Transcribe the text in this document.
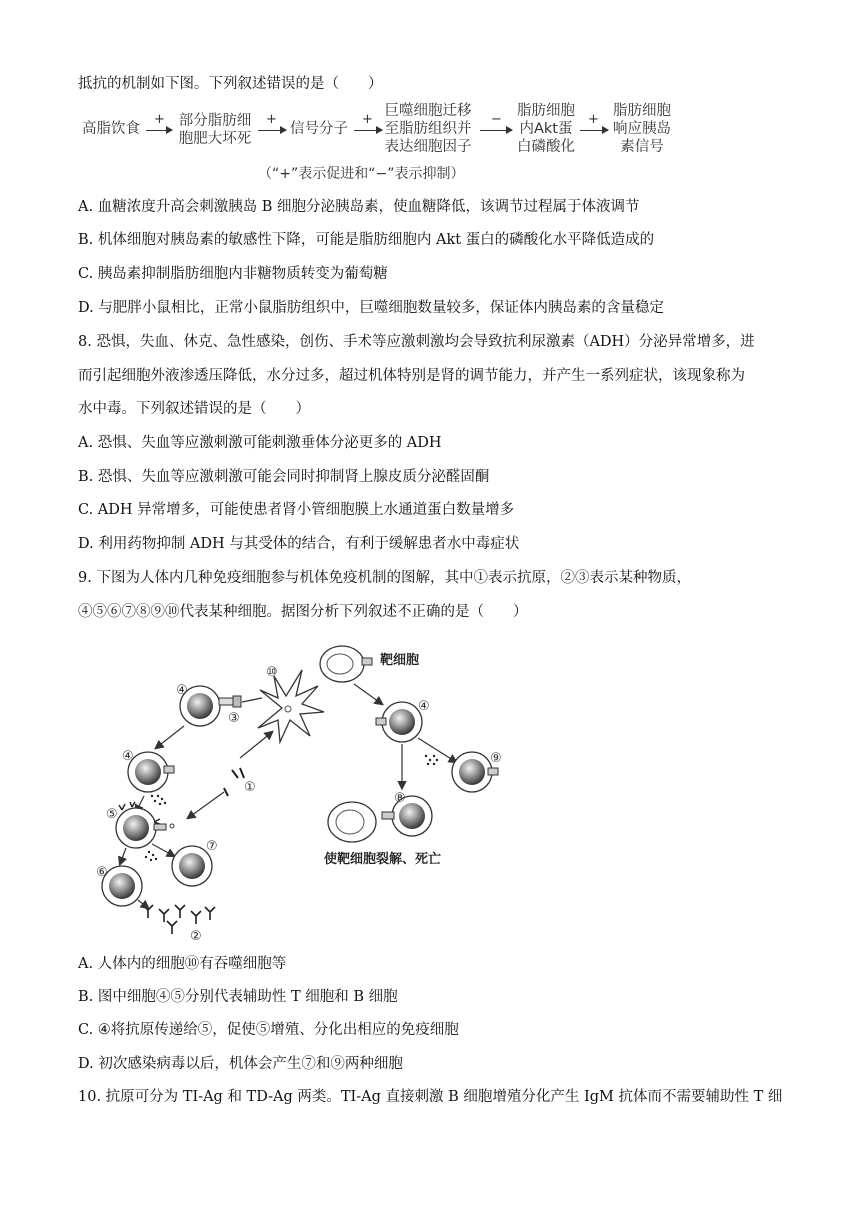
抵抗的机制如下图。下列叙述错误的是（　　）
高脂饮食
+ 部分脂肪细
胞肥大坏死
+
信号分子
+
巨噬细胞迁移
至脂肪组织并
表达细胞因子
−
脂肪细胞
内Akt蛋
白磷酸化
+
脂肪细胞
响应胰岛
素信号
（“+”表示促进和“−”表示抑制）
A. 血糖浓度升高会刺激胰岛 B 细胞分泌胰岛素，使血糖降低，该调节过程属于体液调节
B. 机体细胞对胰岛素的敏感性下降，可能是脂肪细胞内 Akt 蛋白的磷酸化水平降低造成的
C. 胰岛素抑制脂肪细胞内非糖物质转变为葡萄糖
D. 与肥胖小鼠相比，正常小鼠脂肪组织中，巨噬细胞数量较多，保证体内胰岛素的含量稳定
8. 恐惧，失血、休克、急性感染，创伤、手术等应激刺激均会导致抗利尿激素（ADH）分泌异常增多，进
而引起细胞外液渗透压降低，水分过多，超过机体特别是肾的调节能力，并产生一系列症状，该现象称为
水中毒。下列叙述错误的是（　　）
A. 恐惧、失血等应激刺激可能刺激垂体分泌更多的 ADH
B. 恐惧、失血等应激刺激可能会同时抑制肾上腺皮质分泌醛固酮
C. ADH 异常增多，可能使患者肾小管细胞膜上水通道蛋白数量增多
D. 利用药物抑制 ADH 与其受体的结合，有利于缓解患者水中毒症状
9. 下图为人体内几种免疫细胞参与机体免疫机制的图解，其中①表示抗原，②③表示某种物质，
④⑤⑥⑦⑧⑨⑩代表某种细胞。据图分析下列叙述不正确的是（　　）
④
③
⑩
④
①
⑤
⑥
⑦
②
靶细胞
④
⑨
⑧
使靶细胞裂解、死亡
A. 人体内的细胞⑩有吞噬细胞等
B. 图中细胞④⑤分别代表辅助性 T 细胞和 B 细胞
C. ④将抗原传递给⑤，促使⑤增殖、分化出相应的免疫细胞
D. 初次感染病毒以后，机体会产生⑦和⑨两种细胞
10. 抗原可分为 TI-Ag 和 TD-Ag 两类。TI-Ag 直接刺激 B 细胞增殖分化产生 IgM 抗体而不需要辅助性 T 细
